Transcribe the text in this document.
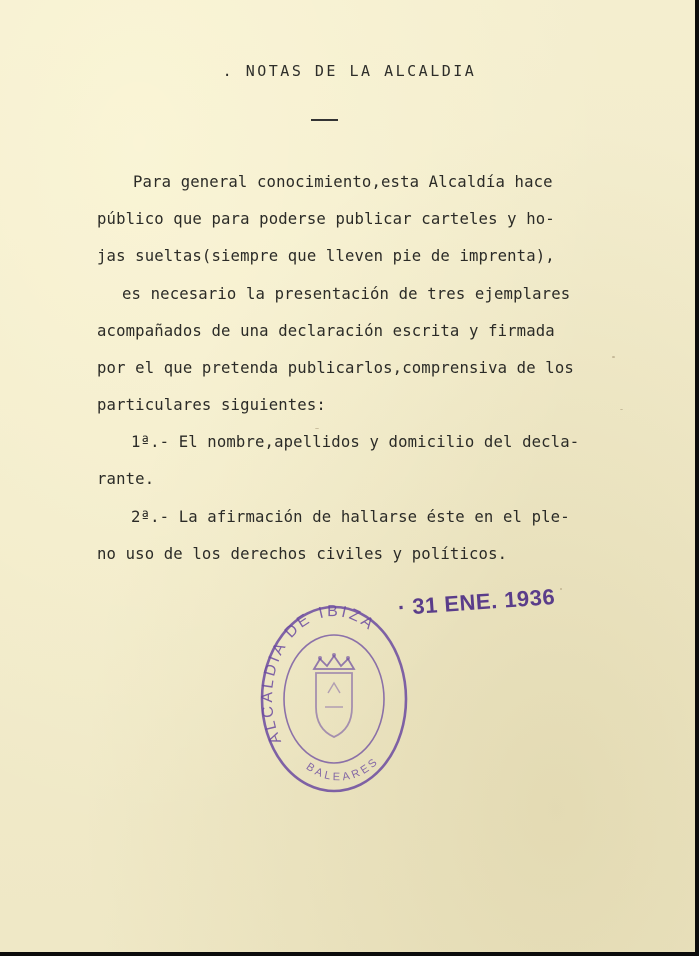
. NOTAS DE LA ALCALDIA
Para general conocimiento,esta Alcaldía hace
público que para poderse publicar carteles y ho-
jas sueltas(siempre que lleven pie de imprenta),
es necesario la presentación de tres ejemplares
acompañados de una declaración escrita y firmada
por el que pretenda publicarlos,comprensiva de los
particulares siguientes:
1ª.- El nombre,apellidos y domicilio del decla-
rante.
2ª.- La afirmación de hallarse éste en el ple-
no uso de los derechos civiles y políticos.
ALCALDIA DE IBIZA
BALEARES
· 31 ENE. 1936
